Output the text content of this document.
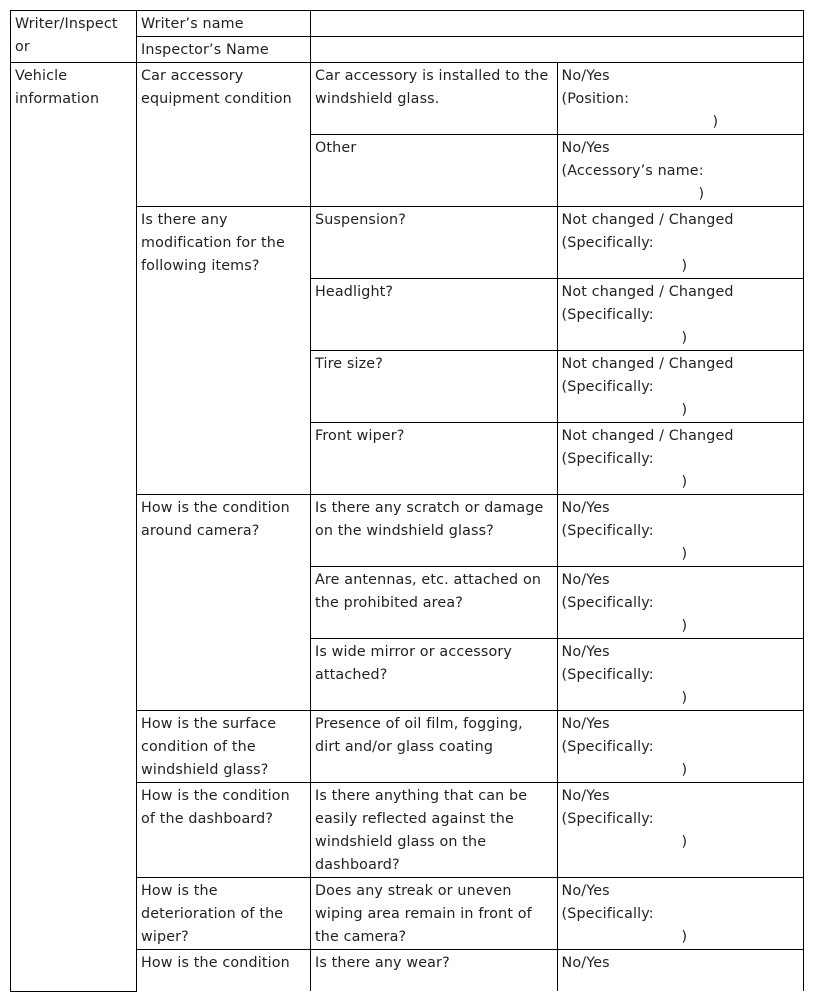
Writer/Inspect or	Writer’s name		
	Inspector’s Name		
Vehicle information	Car accessory equipment condition	Car accessory is installed to the windshield glass.	No/Yes
(Position:
)

		Other	No/Yes
(Accessory’s name:
)

	Is there any modification for the following items?	Suspension?	Not changed / Changed
(Specifically:
)

		Headlight?	Not changed / Changed
(Specifically:
)

		Tire size?	Not changed / Changed
(Specifically:
)

		Front wiper?	Not changed / Changed
(Specifically:
)

	How is the condition around camera?	Is there any scratch or damage on the windshield glass?	No/Yes
(Specifically:
)

		Are antennas, etc. attached on the prohibited area?	No/Yes
(Specifically:
)

		Is wide mirror or accessory attached?	No/Yes
(Specifically:
)

	How is the surface condition of the windshield glass?	Presence of oil film, fogging, dirt and/or glass coating	No/Yes
(Specifically:
)

	How is the condition of the dashboard?	Is there anything that can be easily reflected against the windshield glass on the dashboard?	No/Yes
(Specifically:
)

	How is the deterioration of the wiper?	Does any streak or uneven wiping area remain in front of the camera?	No/Yes
(Specifically:
)

	How is the condition	Is there any wear?	No/Yes
